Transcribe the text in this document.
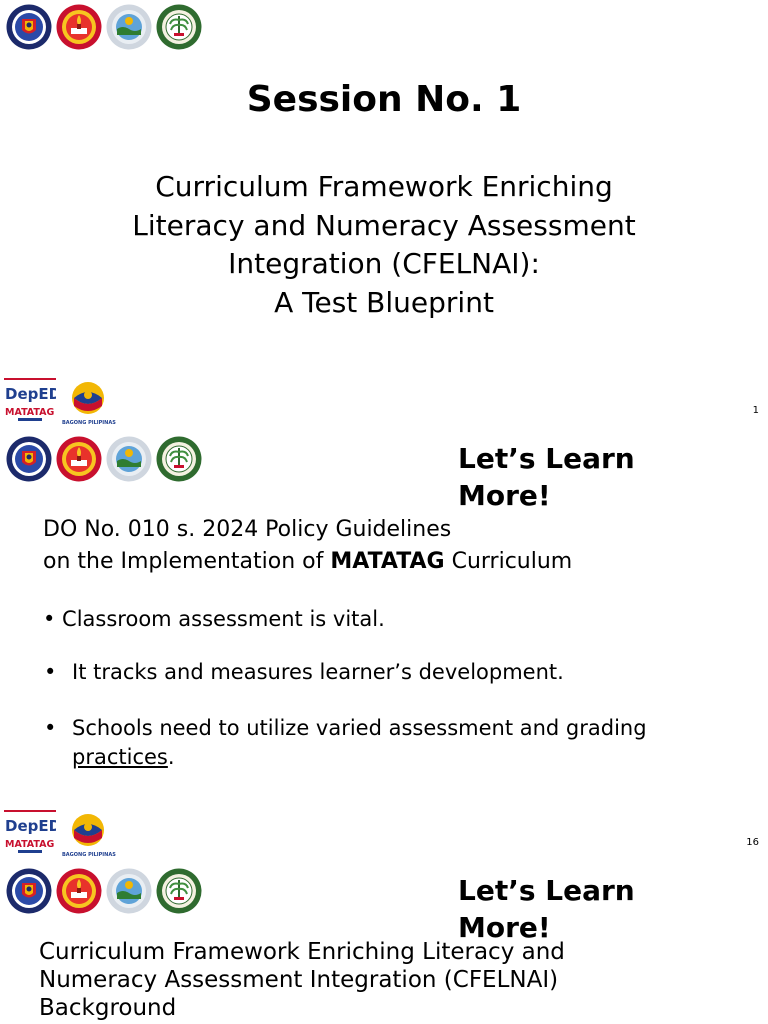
Session No. 1
Curriculum Framework Enriching
Literacy and Numeracy Assessment
Integration (CFELNAI):
A Test Blueprint
DepED
MATATAG
BAGONG PILIPINAS
1
Let’s Learn
More!
DO No. 010 s. 2024 Policy Guidelines
on the Implementation of MATATAG Curriculum
• Classroom assessment is vital.
• It tracks and measures learner’s development.
• Schools need to utilize varied assessment and grading practices.
DepED
MATATAG
BAGONG PILIPINAS
16
Let’s Learn
More!
Curriculum Framework Enriching Literacy and
Numeracy Assessment Integration (CFELNAI)
Background
